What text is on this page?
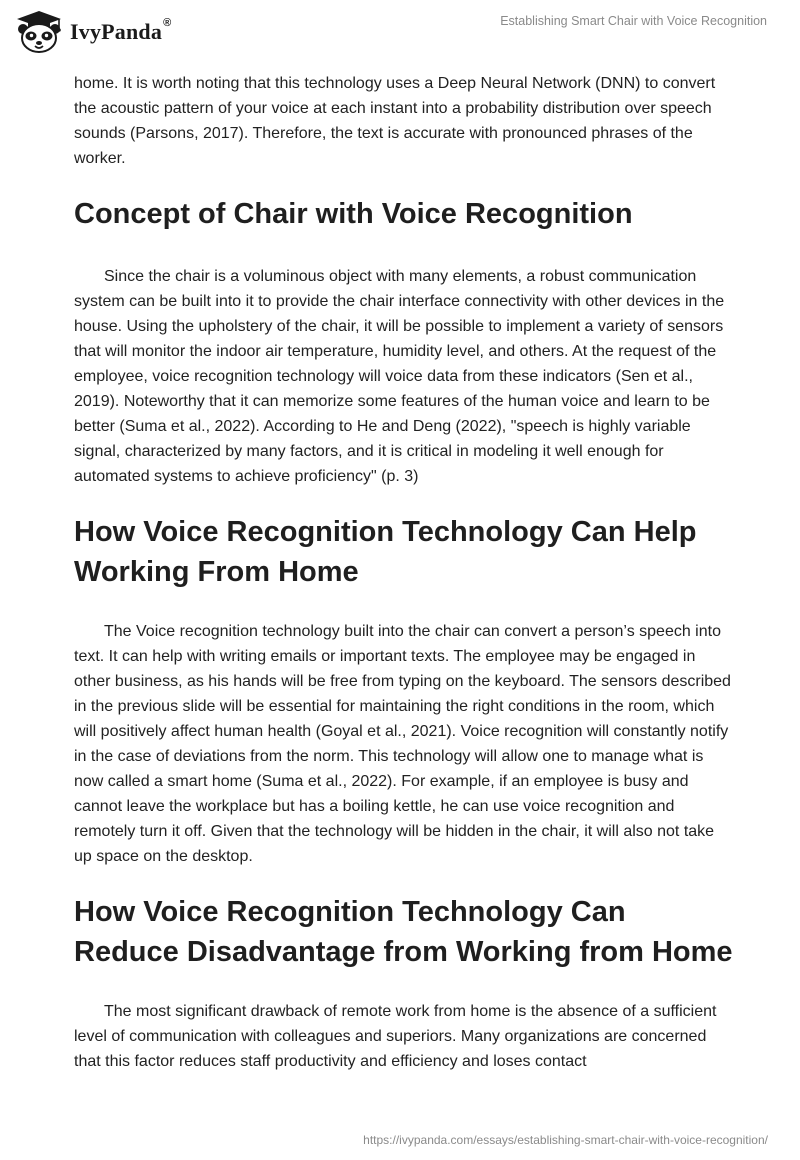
IvyPanda ®	Establishing Smart Chair with Voice Recognition

home. It is worth noting that this technology uses a Deep Neural Network (DNN) to convert the acoustic pattern of your voice at each instant into a probability distribution over speech sounds (Parsons, 2017). Therefore, the text is accurate with pronounced phrases of the worker.

Concept of Chair with Voice Recognition

Since the chair is a voluminous object with many elements, a robust communication system can be built into it to provide the chair interface connectivity with other devices in the house. Using the upholstery of the chair, it will be possible to implement a variety of sensors that will monitor the indoor air temperature, humidity level, and others. At the request of the employee, voice recognition technology will voice data from these indicators (Sen et al., 2019). Noteworthy that it can memorize some features of the human voice and learn to be better (Suma et al., 2022). According to He and Deng (2022), "speech is highly variable signal, characterized by many factors, and it is critical in modeling it well enough for automated systems to achieve proficiency" (p. 3)

How Voice Recognition Technology Can Help Working From Home

The Voice recognition technology built into the chair can convert a person’s speech into text. It can help with writing emails or important texts. The employee may be engaged in other business, as his hands will be free from typing on the keyboard. The sensors described in the previous slide will be essential for maintaining the right conditions in the room, which will positively affect human health (Goyal et al., 2021). Voice recognition will constantly notify in the case of deviations from the norm. This technology will allow one to manage what is now called a smart home (Suma et al., 2022). For example, if an employee is busy and cannot leave the workplace but has a boiling kettle, he can use voice recognition and remotely turn it off. Given that the technology will be hidden in the chair, it will also not take up space on the desktop.

How Voice Recognition Technology Can Reduce Disadvantage from Working from Home

The most significant drawback of remote work from home is the absence of a sufficient level of communication with colleagues and superiors. Many organizations are concerned that this factor reduces staff productivity and efficiency and loses contact

https://ivypanda.com/essays/establishing-smart-chair-with-voice-recognition/
